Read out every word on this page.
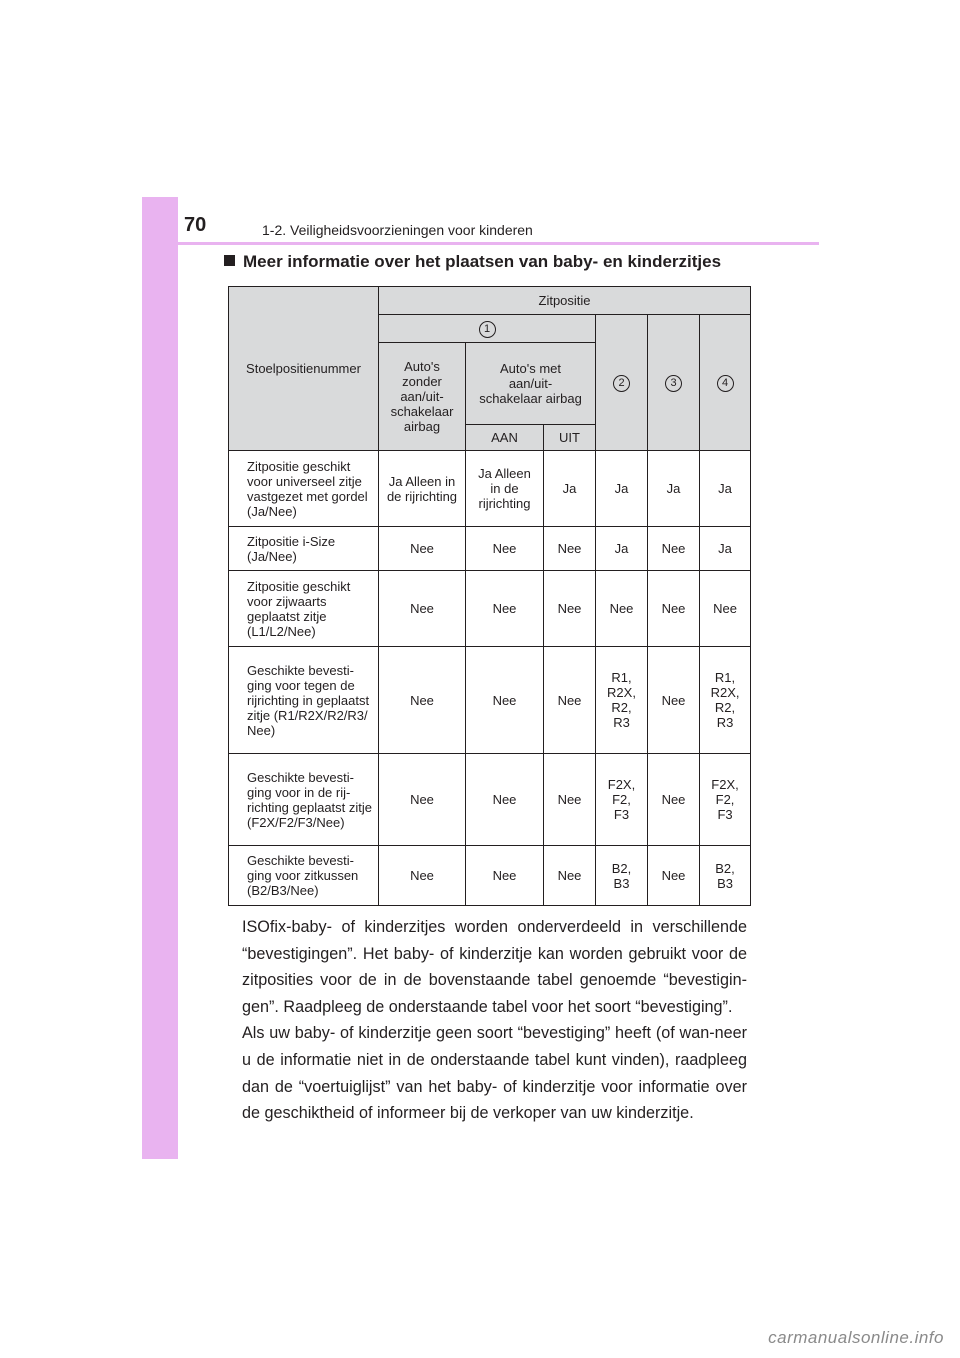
70	1-2. Veiligheidsvoorzieningen voor kinderen
Meer informatie over het plaatsen van baby- en kinderzitjes
Stoelpositienummer	Zitpositie					
	1			2	3	4
	Auto's zonder aan/uit-schakelaar airbag	Auto's met aan/uit-schakelaar airbag				
		AAN	UIT			
Zitpositie geschikt voor universeel zitje vastgezet met gordel (Ja/Nee)	Ja Alleen in de rijrichting	Ja Alleen in de rijrichting	Ja	Ja	Ja	Ja
Zitpositie i-Size (Ja/Nee)	Nee	Nee	Nee	Ja	Nee	Ja
Zitpositie geschikt voor zijwaarts geplaatst zitje (L1/L2/Nee)	Nee	Nee	Nee	Nee	Nee	Nee
Geschikte bevesti-ging voor tegen de rijrichting in geplaatst zitje (R1/R2X/R2/R3/ Nee)	Nee	Nee	Nee	R1, R2X, R2, R3	Nee	R1, R2X, R2, R3
Geschikte bevesti-ging voor in de rij-richting geplaatst zitje (F2X/F2/F3/Nee)	Nee	Nee	Nee	F2X, F2, F3	Nee	F2X, F2, F3
Geschikte bevesti-ging voor zitkussen (B2/B3/Nee)	Nee	Nee	Nee	B2, B3	Nee	B2, B3

ISOfix-baby- of kinderzitjes worden onderverdeeld in verschillende “bevestigingen”. Het baby- of kinderzitje kan worden gebruikt voor de zitposities voor de in de bovenstaande tabel genoemde “bevestigin-gen”. Raadpleeg de onderstaande tabel voor het soort “bevestiging”.

Als uw baby- of kinderzitje geen soort “bevestiging” heeft (of wan-neer u de informatie niet in de onderstaande tabel kunt vinden), raadpleeg dan de “voertuiglijst” van het baby- of kinderzitje voor informatie over de geschiktheid of informeer bij de verkoper van uw kinderzitje.

carmanualsonline.info
